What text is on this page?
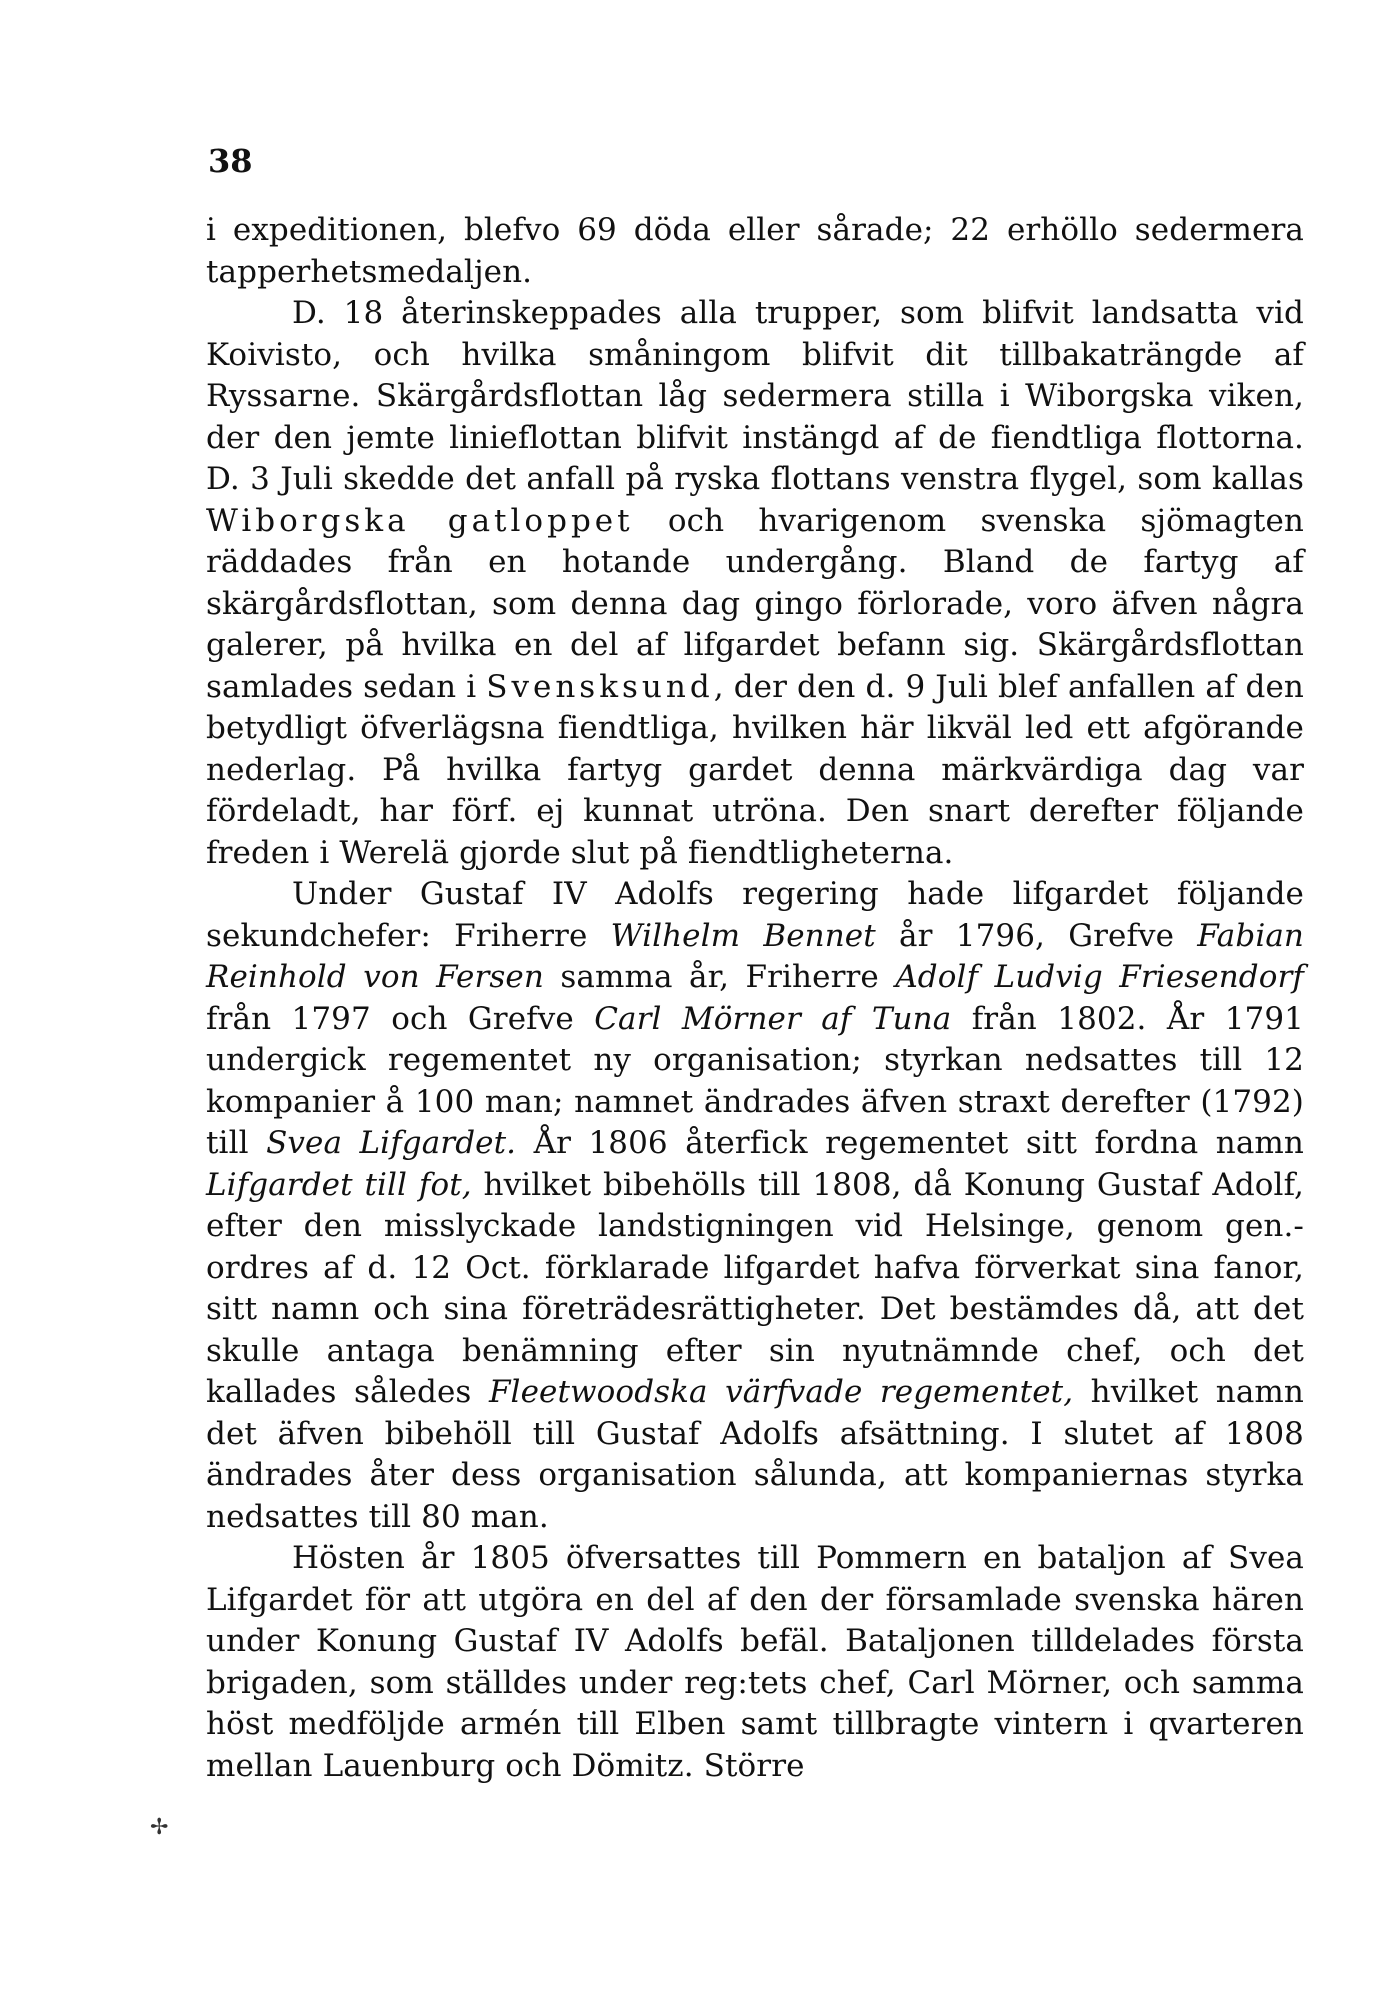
38

i expeditionen, blefvo 69 döda eller sårade; 22 erhöllo sedermera tapperhetsmedaljen.

D. 18 återinskeppades alla trupper, som blifvit landsatta vid Koivisto, och hvilka småningom blifvit dit tillbakaträngde af Ryssarne. Skärgårdsflottan låg sedermera stilla i Wiborgska viken, der den jemte linieflottan blifvit instängd af de fiendtliga flottorna. D. 3 Juli skedde det anfall på ryska flottans venstra flygel, som kallas Wiborgska gatloppet och hvarigenom svenska sjömagten räddades från en hotande undergång. Bland de fartyg af skärgårdsflottan, som denna dag gingo förlorade, voro äfven några galerer, på hvilka en del af lifgardet befann sig. Skärgårdsflottan samlades sedan i Svensksund, der den d. 9 Juli blef anfallen af den betydligt öfverlägsna fiendtliga, hvilken här likväl led ett afgörande nederlag. På hvilka fartyg gardet denna märkvärdiga dag var fördeladt, har förf. ej kunnat utröna. Den snart derefter följande freden i Werelä gjorde slut på fiendtligheterna.

Under Gustaf IV Adolfs regering hade lifgardet följande sekundchefer: Friherre Wilhelm Bennet år 1796, Grefve Fabian Reinhold von Fersen samma år, Friherre Adolf Ludvig Friesendorf från 1797 och Grefve Carl Mörner af Tuna från 1802. År 1791 undergick regementet ny organisation; styrkan nedsattes till 12 kompanier å 100 man; namnet ändrades äfven straxt derefter (1792) till Svea Lifgardet. År 1806 återfick regementet sitt fordna namn Lifgardet till fot, hvilket bibehölls till 1808, då Konung Gustaf Adolf, efter den misslyckade landstigningen vid Helsinge, genom gen.-ordres af d. 12 Oct. förklarade lifgardet hafva förverkat sina fanor, sitt namn och sina företrädesrättigheter. Det bestämdes då, att det skulle antaga benämning efter sin nyutnämnde chef, och det kallades således Fleetwoodska värfvade regementet, hvilket namn det äfven bibehöll till Gustaf Adolfs afsättning. I slutet af 1808 ändrades åter dess organisation sålunda, att kompaniernas styrka nedsattes till 80 man.

Hösten år 1805 öfversattes till Pommern en bataljon af Svea Lifgardet för att utgöra en del af den der församlade svenska hären under Konung Gustaf IV Adolfs befäl. Bataljonen tilldelades första brigaden, som ställdes under reg:tets chef, Carl Mörner, och samma höst medföljde armén till Elben samt tillbragte vintern i qvarteren mellan Lauenburg och Dömitz. Större

✢
